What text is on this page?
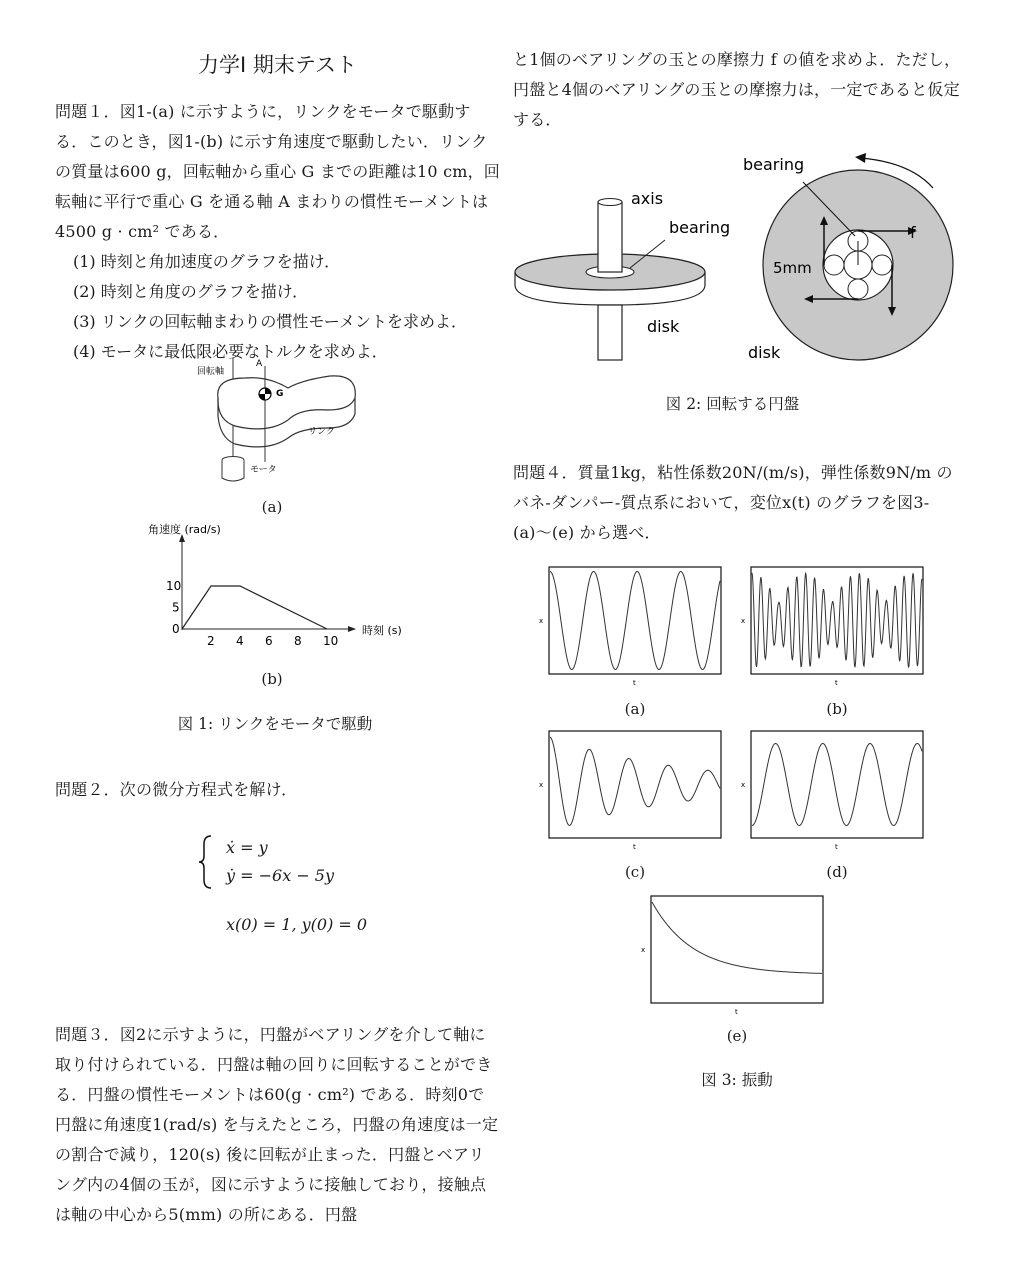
力学I 期末テスト

問題１．図1-(a) に示すように，リンクをモータで駆動する．このとき，図1-(b) に示す角速度で駆動したい．リンクの質量は600 g，回転軸から重心 G までの距離は10 cm，回転軸に平行で重心 G を通る軸 A まわりの慣性モーメントは4500 g · cm² である．

(1) 時刻と角加速度のグラフを描け．
(2) 時刻と角度のグラフを描け．
(3) リンクの回転軸まわりの慣性モーメントを求めよ．
(4) モータに最低限必要なトルクを求めよ．
回転軸
A
G
リンク
モータ
(a)
角速度 (rad/s)
時刻 (s)
2 4 6 8 10
0
5
10
(b)
図 1: リンクをモータで駆動
問題２．次の微分方程式を解け．
ẋ = y
ẏ = −6x − 5y
x(0) = 1, y(0) = 0
問題３．図2に示すように，円盤がベアリングを介して軸に取り付けられている．円盤は軸の回りに回転することができる．円盤の慣性モーメントは60(g · cm²) である．時刻0で円盤に角速度1(rad/s) を与えたところ，円盤の角速度は一定の割合で減り，120(s) 後に回転が止まった．円盤とベアリング内の4個の玉が，図に示すように接触しており，接触点は軸の中心から5(mm) の所にある．円盤

と1個のベアリングの玉との摩擦力 f の値を求めよ．ただし，円盤と4個のベアリングの玉との摩擦力は，一定であると仮定する．

axis
bearing
disk
bearing
f
5mm
disk
図 2: 回転する円盤
問題４．質量1kg，粘性係数20N/(m/s)，弾性係数9N/m のバネ-ダンパー-質点系において，変位x(t) のグラフを図3-(a)〜(e) から選べ．
x
t
(a)
x
t
(b)
x
t
(c)
x
t
(d)
x
t
(e)
図 3: 振動
